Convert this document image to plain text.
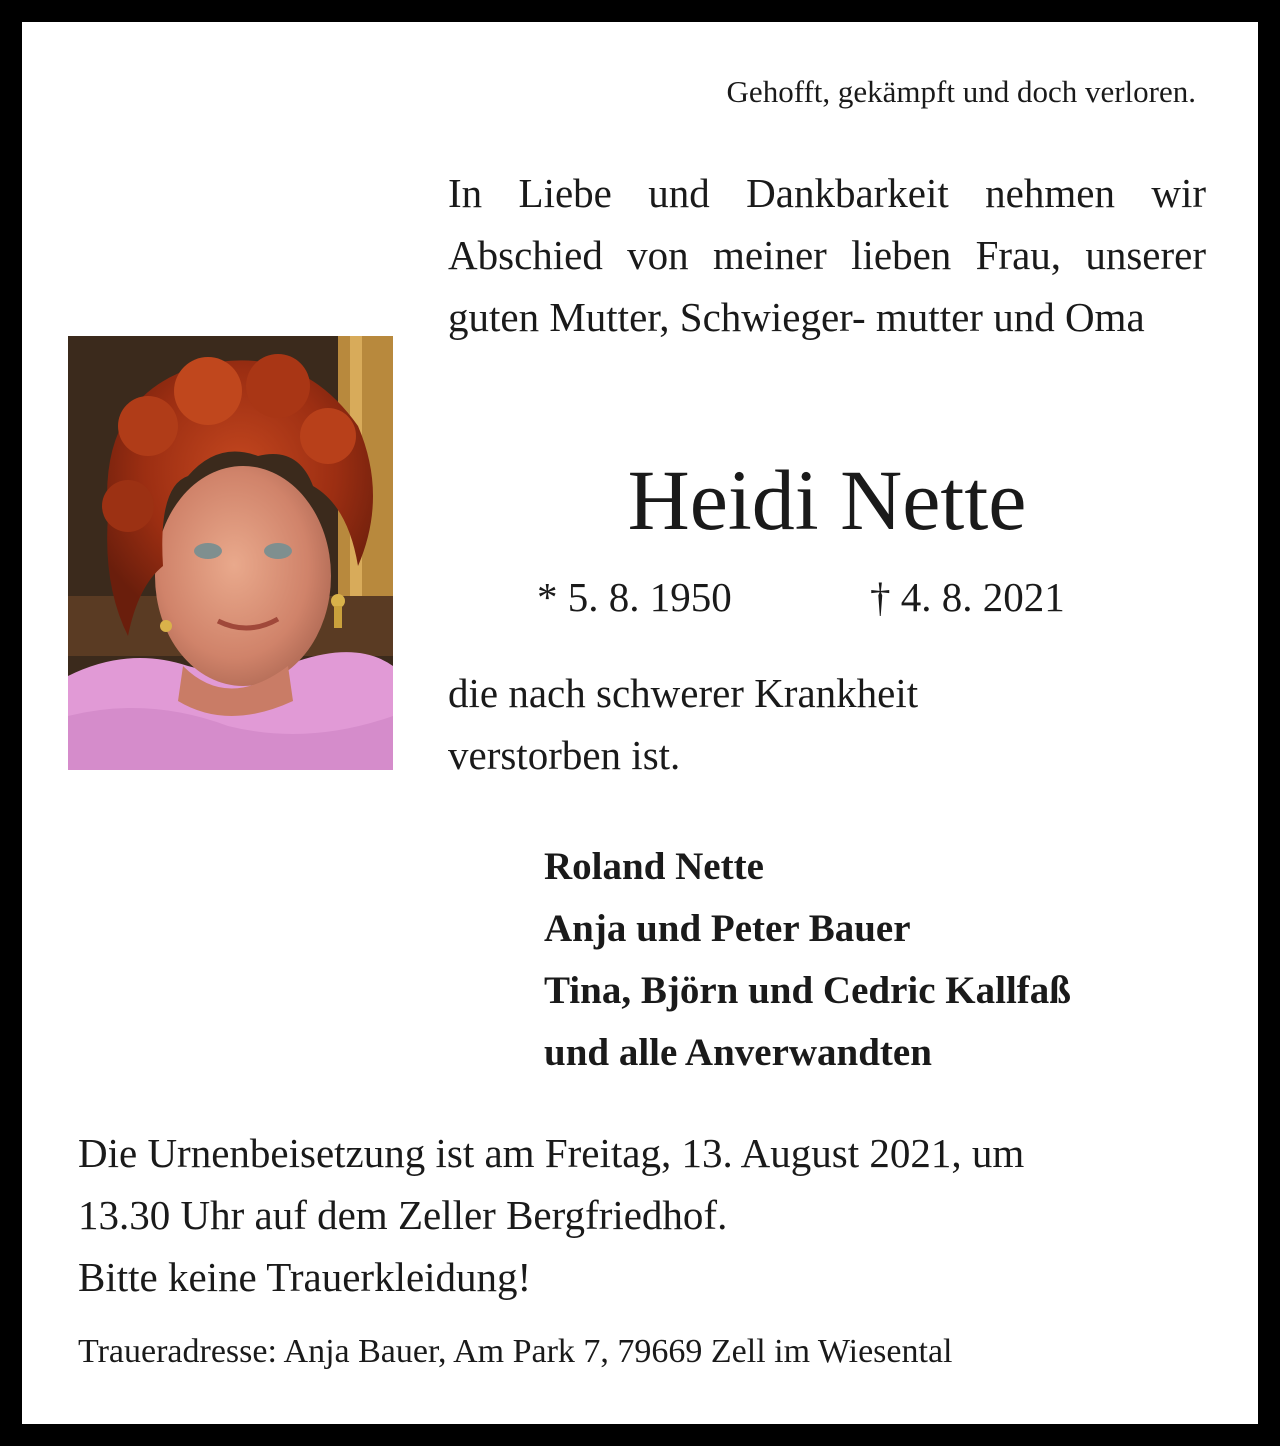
Gehofft, gekämpft und doch verloren.
In Liebe und Dankbarkeit nehmen wir Abschied von meiner lieben Frau, unserer guten Mutter, Schwieger- mutter und Oma
Heidi Nette
* 5. 8. 1950	† 4. 8. 2021
die nach schwerer Krankheit
verstorben ist.
Roland Nette
Anja und Peter Bauer
Tina, Björn und Cedric Kallfaß
und alle Anverwandten
Die Urnenbeisetzung ist am Freitag, 13. August 2021, um
13.30 Uhr auf dem Zeller Bergfriedhof.
Bitte keine Trauerkleidung!
Traueradresse: Anja Bauer, Am Park 7, 79669 Zell im Wiesental
